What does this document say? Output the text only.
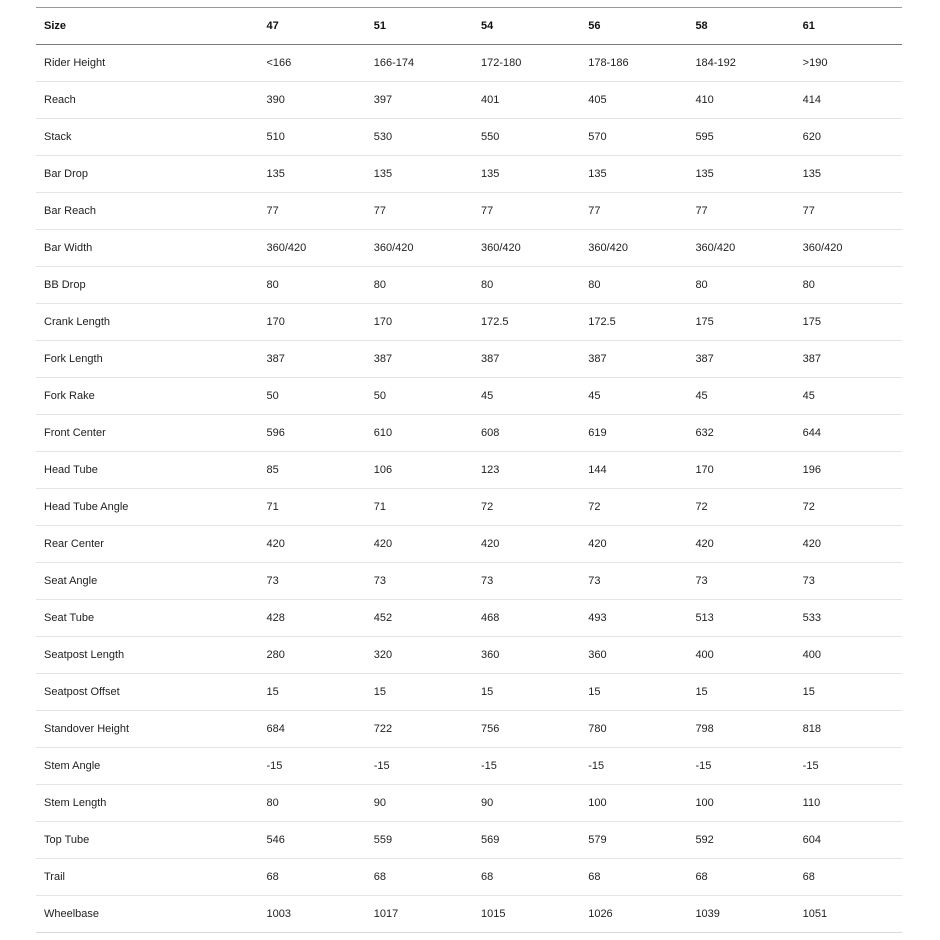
Size	47	51	54	56	58	61
Rider Height	<166	166-174	172-180	178-186	184-192	>190
Reach	390	397	401	405	410	414
Stack	510	530	550	570	595	620
Bar Drop	135	135	135	135	135	135
Bar Reach	77	77	77	77	77	77
Bar Width	360/420	360/420	360/420	360/420	360/420	360/420
BB Drop	80	80	80	80	80	80
Crank Length	170	170	172.5	172.5	175	175
Fork Length	387	387	387	387	387	387
Fork Rake	50	50	45	45	45	45
Front Center	596	610	608	619	632	644
Head Tube	85	106	123	144	170	196
Head Tube Angle	71	71	72	72	72	72
Rear Center	420	420	420	420	420	420
Seat Angle	73	73	73	73	73	73
Seat Tube	428	452	468	493	513	533
Seatpost Length	280	320	360	360	400	400
Seatpost Offset	15	15	15	15	15	15
Standover Height	684	722	756	780	798	818
Stem Angle	-15	-15	-15	-15	-15	-15
Stem Length	80	90	90	100	100	110
Top Tube	546	559	569	579	592	604
Trail	68	68	68	68	68	68
Wheelbase	1003	1017	1015	1026	1039	1051
